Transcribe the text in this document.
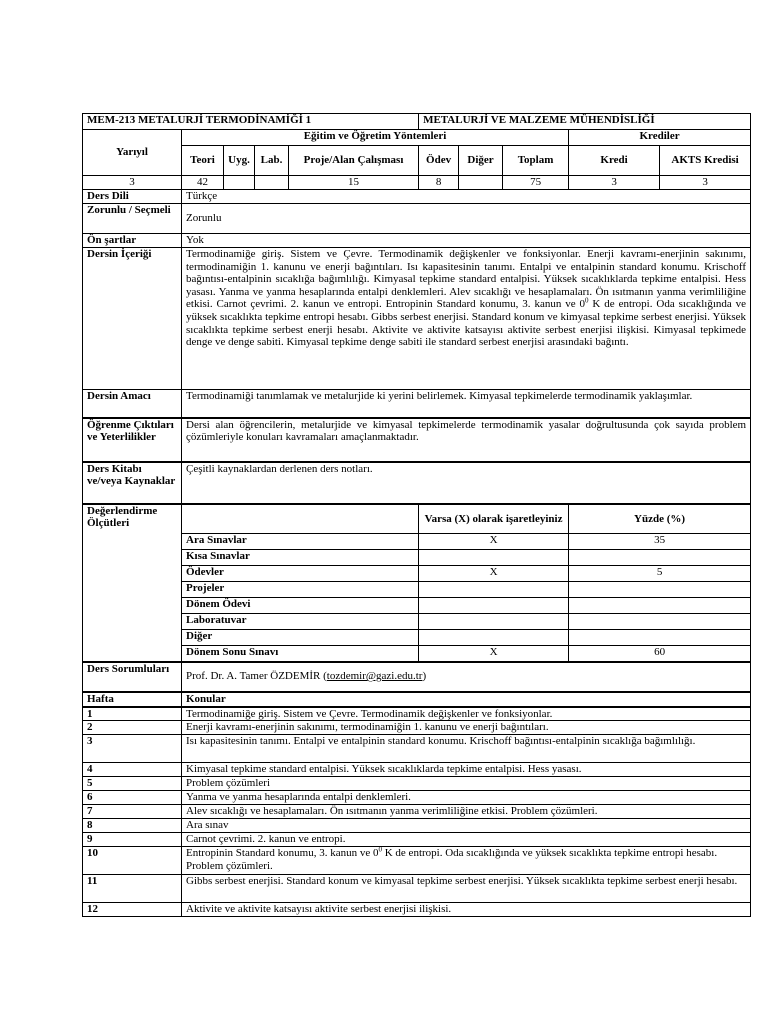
MEM-213 METALURJİ TERMODİNAMİĞİ 1					METALURJİ VE MALZEME MÜHENDİSLİĞİ				
Yarıyıl	Eğitim ve Öğretim Yöntemleri							Krediler	
	Teori	Uyg.	Lab.	Proje/Alan Çalışması	Ödev	Diğer	Toplam	Kredi	AKTS Kredisi
3	42			15	8		75	3	3
Ders Dili	Türkçe								
Zorunlu / Seçmeli	Zorunlu								
Ön şartlar	Yok								
Dersin İçeriği	Termodinamiğe giriş. Sistem ve Çevre. Termodinamik değişkenler ve fonksiyonlar. Enerji kavramı-enerjinin sakınımı, termodinamiğin 1. kanunu ve enerji bağıntıları. Isı kapasitesinin tanımı. Entalpi ve entalpinin standard konumu. Krischoff bağıntısı-entalpinin sıcaklığa bağımlılığı. Kimyasal tepkime standard entalpisi. Yüksek sıcaklıklarda tepkime entalpisi. Hess yasası. Yanma ve yanma hesaplarında entalpi denklemleri. Alev sıcaklığı ve hesaplamaları. Ön ısıtmanın yanma verimliliğine etkisi. Carnot çevrimi. 2. kanun ve entropi. Entropinin Standard konumu, 3. kanun ve $0^0$ K de entropi. Oda sıcaklığında ve yüksek sıcaklıkta tepkime entropi hesabı. Gibbs serbest enerjisi. Standard konum ve kimyasal tepkime serbest enerjisi. Yüksek sıcaklıkta tepkime serbest enerji hesabı. Aktivite ve aktivite katsayısı aktivite serbest enerjisi ilişkisi. Kimyasal tepkimede denge ve denge sabiti. Kimyasal tepkime denge sabiti ile standard serbest enerjisi arasındaki bağıntı.								
Dersin Amacı	Termodinamiği tanımlamak ve metalurjide ki yerini belirlemek. Kimyasal tepkimelerde termodinamik yaklaşımlar.								
Öğrenme Çıktıları ve Yeterlilikler	Dersi alan öğrencilerin, metalurjide ve kimyasal tepkimelerde termodinamik yasalar doğrultusunda çok sayıda problem çözümleriyle konuları kavramaları amaçlanmaktadır.								
Ders Kitabı ve/veya Kaynaklar	Çeşitli kaynaklardan derlenen ders notları.								
Değerlendirme Ölçütleri					Varsa (X) olarak işaretleyiniz			Yüzde (%)	
	Ara Sınavlar				X			35	
	Kısa Sınavlar								
	Ödevler				X			5	
	Projeler								
	Dönem Ödevi								
	Laboratuvar								
	Diğer								
	Dönem Sonu Sınavı				X			60	
Ders Sorumluları	Prof. Dr. A. Tamer ÖZDEMİR (tozdemir@gazi.edu.tr)								
Hafta	Konular								
1	Termodinamiğe giriş. Sistem ve Çevre. Termodinamik değişkenler ve fonksiyonlar.								
2	Enerji kavramı-enerjinin sakınımı, termodinamiğin 1. kanunu ve enerji bağıntıları.								
3	Isı kapasitesinin tanımı. Entalpi ve entalpinin standard konumu. Krischoff bağıntısı-entalpinin sıcaklığa bağımlılığı.								
4	Kimyasal tepkime standard entalpisi. Yüksek sıcaklıklarda tepkime entalpisi. Hess yasası.								
5	Problem çözümleri								
6	Yanma ve yanma hesaplarında entalpi denklemleri.								
7	Alev sıcaklığı ve hesaplamaları. Ön ısıtmanın yanma verimliliğine etkisi. Problem çözümleri.								
8	Ara sınav								
9	Carnot çevrimi. 2. kanun ve entropi.								
10	Entropinin Standard konumu, 3. kanun ve $0^0$ K de entropi. Oda sıcaklığında ve yüksek sıcaklıkta tepkime entropi hesabı. Problem çözümleri.								
11	Gibbs serbest enerjisi. Standard konum ve kimyasal tepkime serbest enerjisi. Yüksek sıcaklıkta tepkime serbest enerji hesabı.								
12	Aktivite ve aktivite katsayısı aktivite serbest enerjisi ilişkisi.								
